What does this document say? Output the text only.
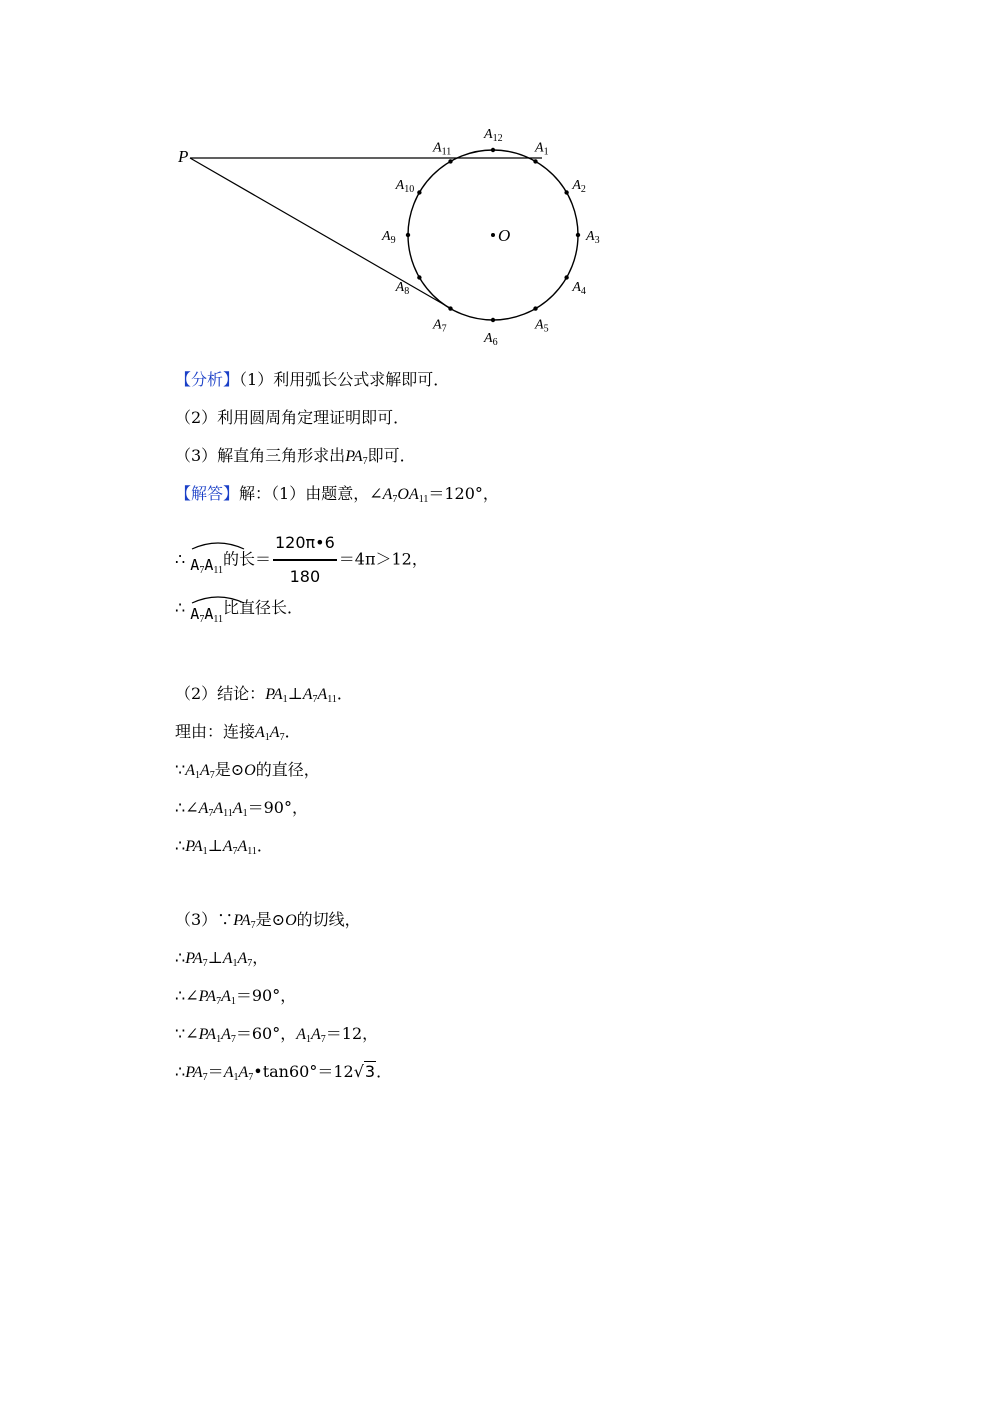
O
P	$A_1$
$A_2$
$A_3$
$A_4$
$A_5$
$A_6$
$A_7$
$A_8$
$A_9$
$A_{10}$
$A_{11}$
$A_{12}$
【分析】（1）利用弧长公式求解即可．
（2）利用圆周角定理证明即可．
（3）解直角三角形求出$PA_7$即可．
【解答】解：（1）由题意，$\angle A_7OA_{11}=120^\circ$，
∴ $A_7A_{11}$的长＝ $\frac{120\pi•6}{180} =4\pi>12$，
∴ $A_7A_{11}$比直径长．
（2）结论：$PA_1\perp A_7A_{11}$．
理由：连接$A_1A_7$．
$\because A_1A_7$是⊙O的直径，
$\therefore\angle A_7A_{11}A_1=90^\circ$，
$\therefore PA_1\perp A_7A_{11}$．
$(3)\because PA_7$是⊙O的切线，
$\therefore PA_7\perp A_1A_7$，
$\therefore\angle PA_7A_1=90^\circ$，
$\because\angle PA_1A_7=60^\circ$，$A_1A_7=12$，
$\therefore PA_7=A_1A_7•\tan 60^\circ=12√3$．
